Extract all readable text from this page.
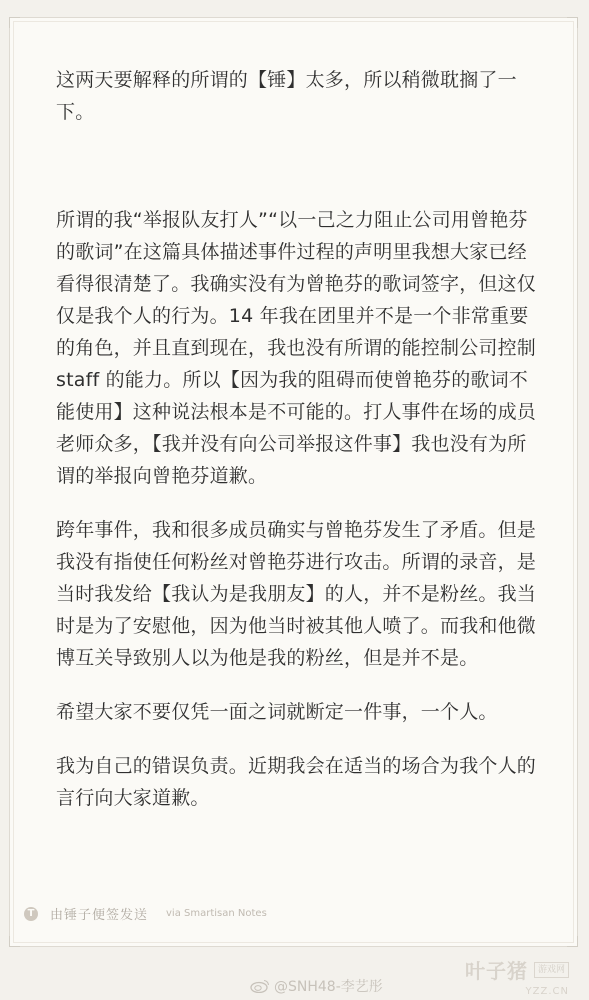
这两天要解释的所谓的【锤】太多，所以稍微耽搁了一下。

所谓的我“举报队友打人”“以一己之力阻止公司用曾艳芬的歌词”在这篇具体描述事件过程的声明里我想大家已经看得很清楚了。我确实没有为曾艳芬的歌词签字，但这仅仅是我个人的行为。14 年我在团里并不是一个非常重要的角色，并且直到现在，我也没有所谓的能控制公司控制 staff 的能力。所以【因为我的阻碍而使曾艳芬的歌词不能使用】这种说法根本是不可能的。打人事件在场的成员老师众多，【我并没有向公司举报这件事】我也没有为所谓的举报向曾艳芬道歉。

跨年事件，我和很多成员确实与曾艳芬发生了矛盾。但是我没有指使任何粉丝对曾艳芬进行攻击。所谓的录音，是当时我发给【我认为是我朋友】的人，并不是粉丝。我当时是为了安慰他，因为他当时被其他人喷了。而我和他微博互关导致别人以为他是我的粉丝，但是并不是。

希望大家不要仅凭一面之词就断定一件事，一个人。

我为自己的错误负责。近期我会在适当的场合为我个人的言行向大家道歉。

T 由锤子便签发送 via Smartisan Notes
@SNH48-李艺彤
叶子猪	游戏网
YZZ.CN
